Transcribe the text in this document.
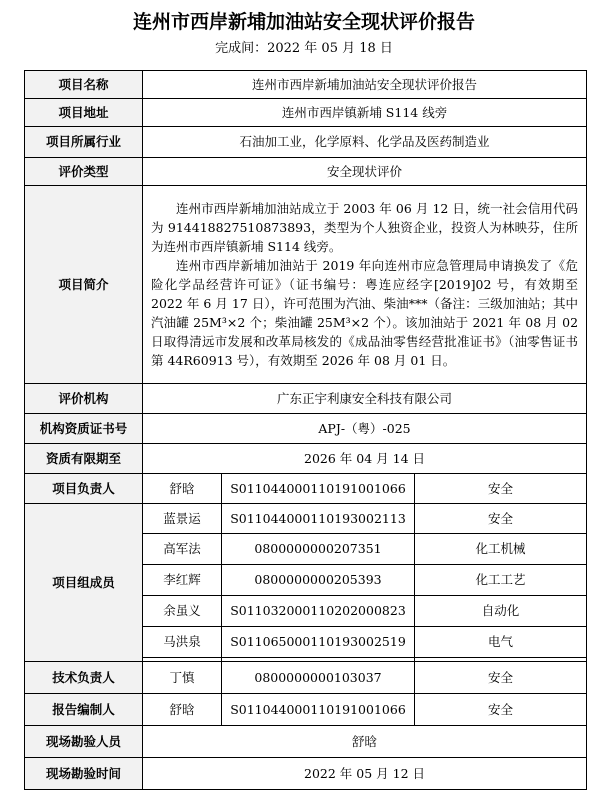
连州市西岸新埔加油站安全现状评价报告
完成间：2022 年 05 月 18 日
项目名称	连州市西岸新埔加油站安全现状评价报告		
项目地址	连州市西岸镇新埔 S114 线旁		
项目所属行业	石油加工业，化学原料、化学品及医药制造业		
评价类型	安全现状评价		
项目简介	连州市西岸新埔加油站成立于 2003 年 06 月 12 日，统一社会信用代码为 914418827510873893，类型为个人独资企业，投资人为林映芬，住所为连州市西岸镇新埔 S114 线旁。

连州市西岸新埔加油站于 2019 年向连州市应急管理局申请换发了《危险化学品经营许可证》（证书编号：粤连应经字[2019]02 号，有效期至 2022 年 6 月 17 日），许可范围为汽油、柴油***（备注：三级加油站；其中汽油罐 25M³×2 个；柴油罐 25M³×2 个）。该加油站于 2021 年 08 月 02 日取得清远市发展和改革局核发的《成品油零售经营批准证书》（油零售证书第 44R60913 号），有效期至 2026 年 08 月 01 日。		

评价机构	广东正宇利康安全科技有限公司		
机构资质证书号	APJ-（粤）-025		
资质有限期至	2026 年 04 月 14 日		
项目负责人	舒晗	S011044000110191001066	安全
项目组成员	蓝景运	S011044000110193002113	安全
	高军法	0800000000207351	化工机械
	李红辉	0800000000205393	化工工艺
	余虽义	S011032000110202000823	自动化
	马洪泉	S011065000110193002519	电气

技术负责人	丁慎	0800000000103037	安全
报告编制人	舒晗	S011044000110191001066	安全
现场勘验人员	舒晗		
现场勘验时间	2022 年 05 月 12 日		
